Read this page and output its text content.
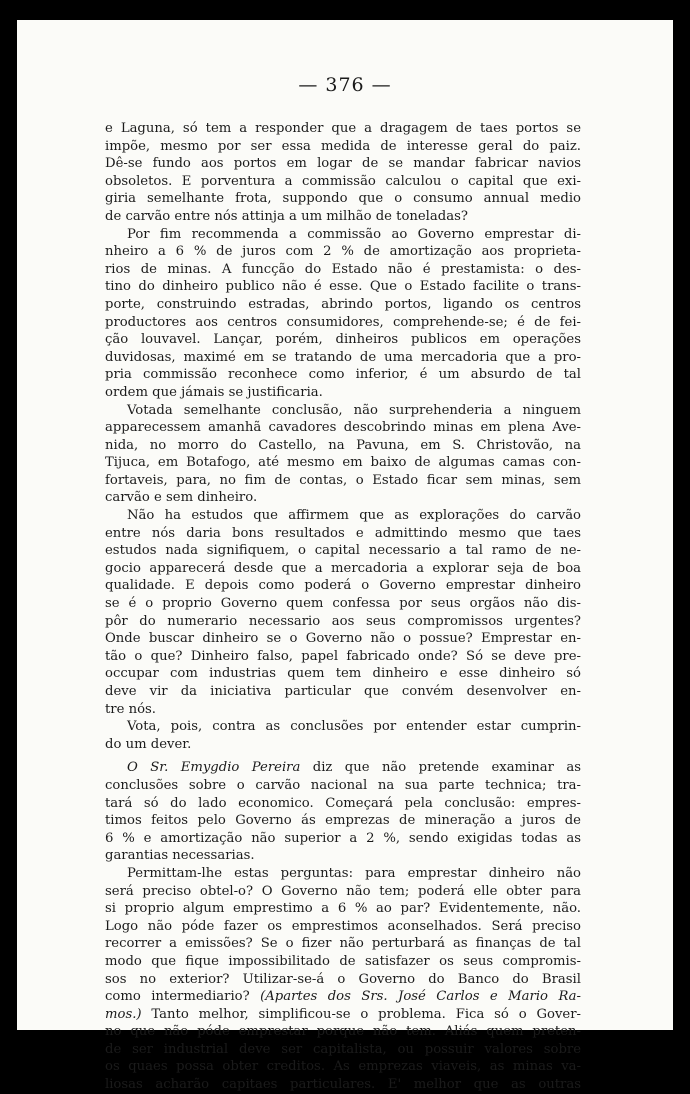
— 376 —

e Laguna, só tem a responder que a dragagem de taes portos se
impõe, mesmo por ser essa medida de interesse geral do paiz.
Dê-se fundo aos portos em logar de se mandar fabricar navios
obsoletos. E porventura a commissão calculou o capital que exi-
giria semelhante frota, suppondo que o consumo annual medio
de carvão entre nós attinja a um milhão de toneladas?

Por fim recommenda a commissão ao Governo emprestar di-
nheiro a 6 % de juros com 2 % de amortização aos proprieta-
rios de minas. A funcção do Estado não é prestamista: o des-
tino do dinheiro publico não é esse. Que o Estado facilite o trans-
porte, construindo estradas, abrindo portos, ligando os centros
productores aos centros consumidores, comprehende-se; é de fei-
ção louvavel. Lançar, porém, dinheiros publicos em operações
duvidosas, maximé em se tratando de uma mercadoria que a pro-
pria commissão reconhece como inferior, é um absurdo de tal
ordem que jámais se justificaria.

Votada semelhante conclusão, não surprehenderia a ninguem
apparecessem amanhã cavadores descobrindo minas em plena Ave-
nida, no morro do Castello, na Pavuna, em S. Christovão, na
Tijuca, em Botafogo, até mesmo em baixo de algumas camas con-
fortaveis, para, no fim de contas, o Estado ficar sem minas, sem
carvão e sem dinheiro.

Não ha estudos que affirmem que as explorações do carvão
entre nós daria bons resultados e admittindo mesmo que taes
estudos nada signifiquem, o capital necessario a tal ramo de ne-
gocio apparecerá desde que a mercadoria a explorar seja de boa
qualidade. E depois como poderá o Governo emprestar dinheiro
se é o proprio Governo quem confessa por seus orgãos não dis-
pôr do numerario necessario aos seus compromissos urgentes?
Onde buscar dinheiro se o Governo não o possue? Emprestar en-
tão o que? Dinheiro falso, papel fabricado onde? Só se deve pre-
occupar com industrias quem tem dinheiro e esse dinheiro só
deve vir da iniciativa particular que convém desenvolver en-
tre nós.

Vota, pois, contra as conclusões por entender estar cumprin-
do um dever.

O Sr. Emygdio Pereira diz que não pretende examinar as
conclusões sobre o carvão nacional na sua parte technica; tra-
tará só do lado economico. Começará pela conclusão: empres-
timos feitos pelo Governo ás emprezas de mineração a juros de
6 % e amortização não superior a 2 %, sendo exigidas todas as
garantias necessarias.

Permittam-lhe estas perguntas: para emprestar dinheiro não
será preciso obtel-o? O Governo não tem; poderá elle obter para
si proprio algum emprestimo a 6 % ao par? Evidentemente, não.
Logo não póde fazer os emprestimos aconselhados. Será preciso
recorrer a emissões? Se o fizer não perturbará as finanças de tal
modo que fique impossibilitado de satisfazer os seus compromis-
sos no exterior? Utilizar-se-á o Governo do Banco do Brasil
como intermediario? (Apartes dos Srs. José Carlos e Mario Ra-
mos.) Tanto melhor, simplificou-se o problema. Fica só o Gover-
no que não póde emprestar porque não tem. Aliás quem preten-
de ser industrial deve ser capitalista, ou possuir valores sobre
os quaes possa obter creditos. As emprezas viaveis, as minas va-
liosas acharão capitaes particulares. E' melhor que as outras
